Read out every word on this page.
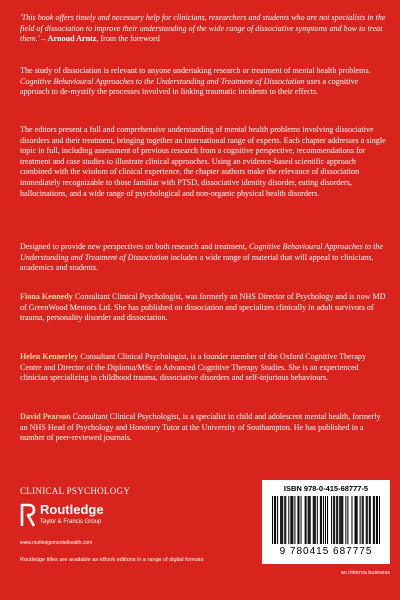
'This book offers timely and necessary help for clinicians, researchers and students who are not specialists in the field of dissociation to improve their understanding of the wide range of dissociative symptoms and how to treat them.' – Arnoud Arntz, from the foreword

The study of dissociation is relevant to anyone undertaking research or treatment of mental health problems. Cognitive Behavioural Approaches to the Understanding and Treatment of Dissociation uses a cognitive approach to de-mystify the processes involved in linking traumatic incidents to their effects.

The editors present a full and comprehensive understanding of mental health problems involving dissociative disorders and their treatment, bringing together an international range of experts. Each chapter addresses a single topic in full, including assessment of previous research from a cognitive perspective, recommendations for treatment and case studies to illustrate clinical approaches. Using an evidence-based scientific approach combined with the wisdom of clinical experience, the chapter authors make the relevance of dissociation immediately recognizable to those familiar with PTSD, dissociative identity disorder, eating disorders, hallucinations, and a wide range of psychological and non-organic physical health disorders.

Designed to provide new perspectives on both research and treatment, Cognitive Behavioural Approaches to the Understanding and Treatment of Dissociation includes a wide range of material that will appeal to clinicians, academics and students.

Fiona Kennedy Consultant Clinical Psychologist, was formerly an NHS Director of Psychology and is now MD of GreenWood Mentors Ltd. She has published on dissociation and specializes clinically in adult survivors of trauma, personality disorder and dissociation.

Helen Kennerley Consultant Clinical Psychologist, is a founder member of the Oxford Cognitive Therapy Centre and Director of the Diploma/MSc in Advanced Cognitive Therapy Studies. She is an experienced clinician specializing in childhood trauma, dissociative disorders and self-injurious behaviours.

David Pearson Consultant Clinical Psychologist, is a specialist in child and adolescent mental health, formerly an NHS Head of Psychology and Honorary Tutor at the University of Southampton. He has published in a number of peer-reviewed journals.

CLINICAL PSYCHOLOGY
Routledge
Taylor & Francis Group
www.routledgementalhealth.com
Routledge titles are available as eBook editions in a range of digital formats
ISBN 978-0-415-68777-5
9 780415 687775
an informa business
